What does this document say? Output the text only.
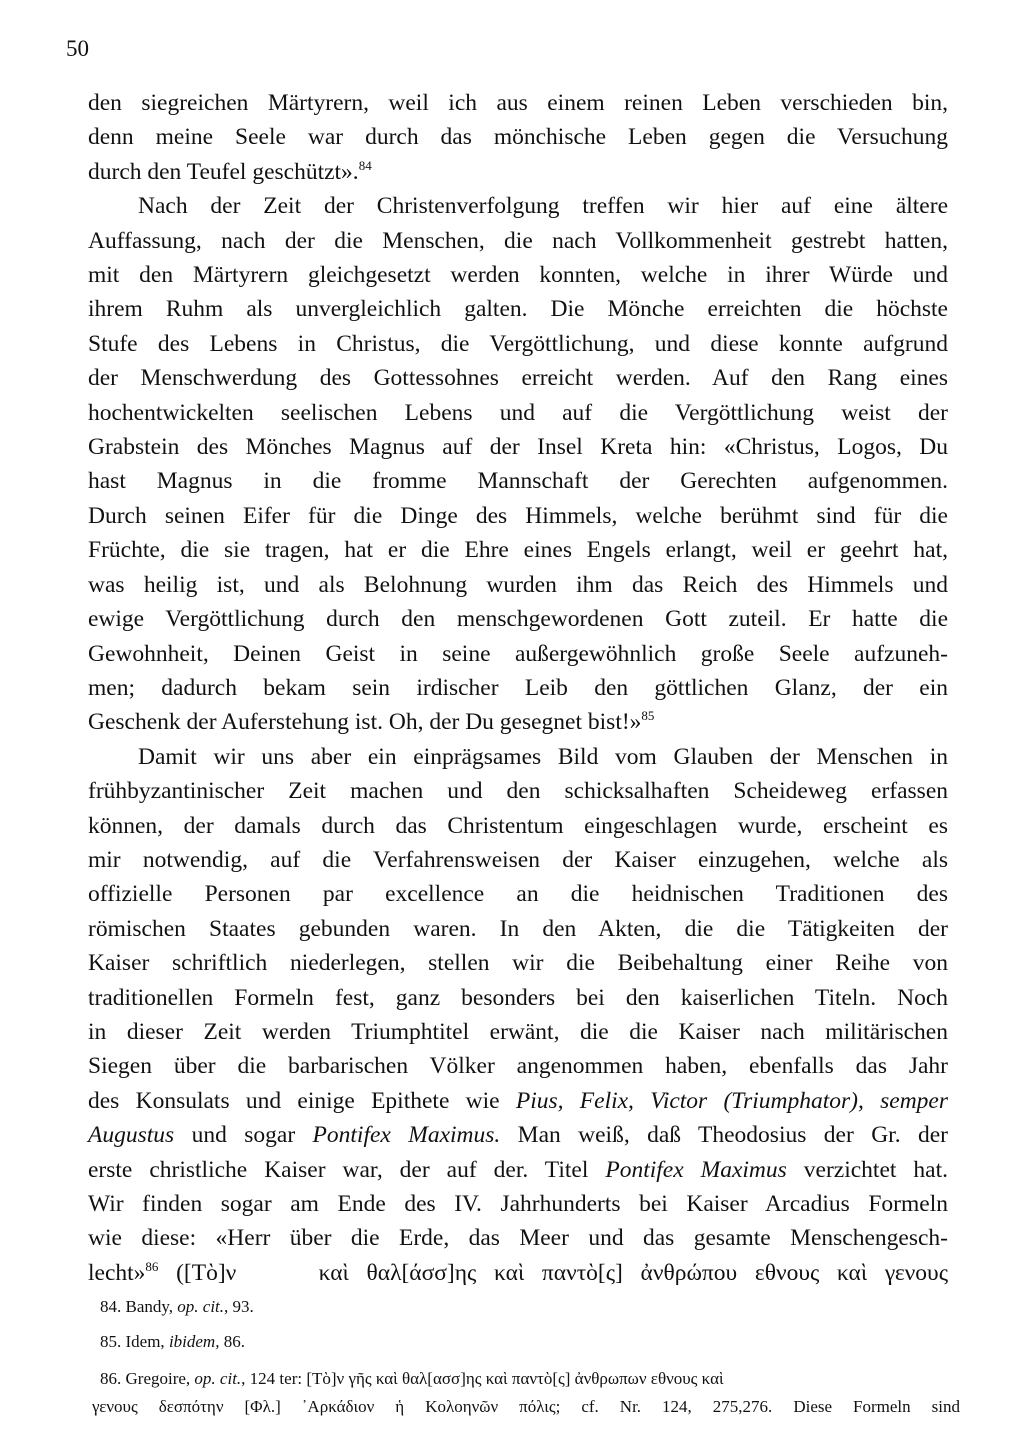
50
den siegreichen Märtyrern, weil ich aus einem reinen Leben verschieden bin,
denn meine Seele war durch das mönchische Leben gegen die Versuchung
durch den Teufel geschützt».$^{84}$
Nach der Zeit der Christenverfolgung treffen wir hier auf eine ältere
Auffassung, nach der die Menschen, die nach Vollkommenheit gestrebt hatten,
mit den Märtyrern gleichgesetzt werden konnten, welche in ihrer Würde und
ihrem Ruhm als unvergleichlich galten. Die Mönche erreichten die höchste
Stufe des Lebens in Christus, die Vergöttlichung, und diese konnte aufgrund
der Menschwerdung des Gottessohnes erreicht werden. Auf den Rang eines
hochentwickelten seelischen Lebens und auf die Vergöttlichung weist der
Grabstein des Mönches Magnus auf der Insel Kreta hin: «Christus, Logos, Du
hast Magnus in die fromme Mannschaft der Gerechten aufgenommen.
Durch seinen Eifer für die Dinge des Himmels, welche berühmt sind für die
Früchte, die sie tragen, hat er die Ehre eines Engels erlangt, weil er geehrt hat,
was heilig ist, und als Belohnung wurden ihm das Reich des Himmels und
ewige Vergöttlichung durch den menschgewordenen Gott zuteil. Er hatte die
Gewohnheit, Deinen Geist in seine außergewöhnlich große Seele aufzuneh-
men; dadurch bekam sein irdischer Leib den göttlichen Glanz, der ein
Geschenk der Auferstehung ist. Oh, der Du gesegnet bist!»$^{85}$
Damit wir uns aber ein einprägsames Bild vom Glauben der Menschen in
frühbyzantinischer Zeit machen und den schicksalhaften Scheideweg erfassen
können, der damals durch das Christentum eingeschlagen wurde, erscheint es
mir notwendig, auf die Verfahrensweisen der Kaiser einzugehen, welche als
offizielle Personen par excellence an die heidnischen Traditionen des
römischen Staates gebunden waren. In den Akten, die die Tätigkeiten der
Kaiser schriftlich niederlegen, stellen wir die Beibehaltung einer Reihe von
traditionellen Formeln fest, ganz besonders bei den kaiserlichen Titeln. Noch
in dieser Zeit werden Triumphtitel erwänt, die die Kaiser nach militärischen
Siegen über die barbarischen Völker angenommen haben, ebenfalls das Jahr
des Konsulats und einige Epithete wie Pius, Felix, Victor (Triumphator), semper
Augustus und sogar Pontifex Maximus. Man weiß, daß Theodosius der Gr. der
erste christliche Kaiser war, der auf der. Titel Pontifex Maximus verzichtet hat.
Wir finden sogar am Ende des IV. Jahrhunderts bei Kaiser Arcadius Formeln
wie diese: «Herr über die Erde, das Meer und das gesamte Menschengesch-
lecht»$^{86}$ ([Τὸ]ν    καὶ θαλ[άσσ]ης καὶ παντὸ[ς] ἀνθρώπου εθνους καὶ γενους
84. Bandy, op. cit., 93.
85. Idem, ibidem, 86.
86. Gregoire, op. cit., 124 ter: [Τὸ]ν γῆς καὶ θαλ[ασσ]ης καὶ παντὸ[ς] ἀνθρωπων εθνους καὶ
γενους δεσπότην [Φλ.] ᾿Αρκάδιον ἡ Κολοηνῶν πόλις; cf. Nr. 124, 275,276. Diese Formeln sind
